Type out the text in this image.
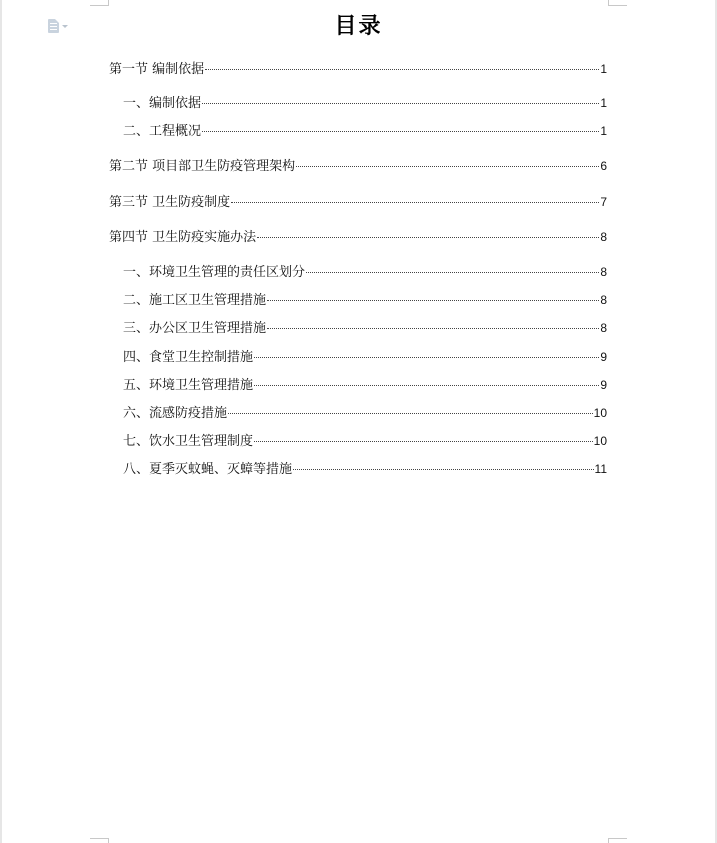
目录
第一节 编制依据	1
一、编制依据	1
二、工程概况	1
第二节 项目部卫生防疫管理架构	6
第三节 卫生防疫制度	7
第四节 卫生防疫实施办法	8
一、环境卫生管理的责任区划分	8
二、施工区卫生管理措施	8
三、办公区卫生管理措施	8
四、食堂卫生控制措施	9
五、环境卫生管理措施	9
六、流感防疫措施	10
七、饮水卫生管理制度	10
八、夏季灭蚊蝇、灭蟑等措施	11
